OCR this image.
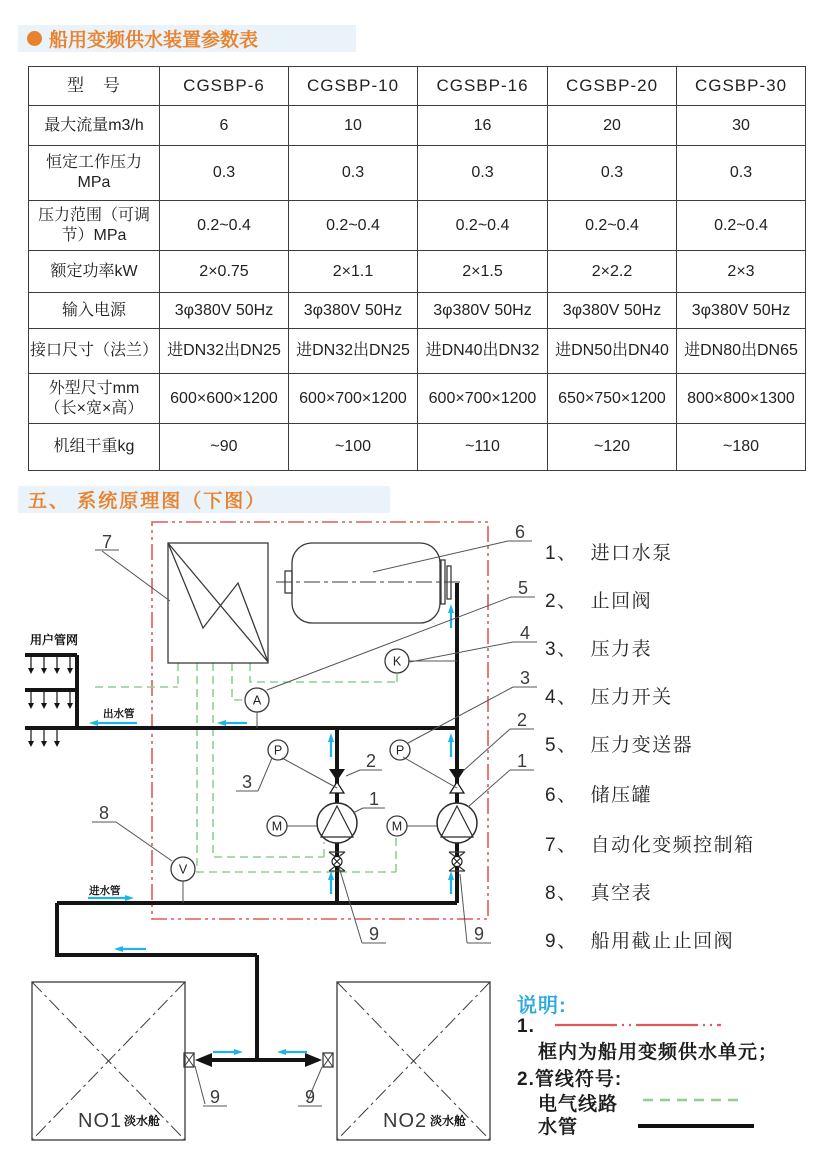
船用变频供水装置参数表
型　号	CGSBP-6	CGSBP-10	CGSBP-16	CGSBP-20	CGSBP-30
最大流量m3/h	6	10	16	20	30
恒定工作压力
MPa	0.3	0.3	0.3	0.3	0.3
压力范围（可调
节）MPa	0.2~0.4	0.2~0.4	0.2~0.4	0.2~0.4	0.2~0.4
额定功率kW	2×0.75	2×1.1	2×1.5	2×2.2	2×3
输入电源	3φ380V 50Hz	3φ380V 50Hz	3φ380V 50Hz	3φ380V 50Hz	3φ380V 50Hz
接口尺寸（法兰）	进DN32出DN25	进DN32出DN25	进DN40出DN32	进DN50出DN40	进DN80出DN65
外型尺寸mm
（长×宽×高）	600×600×1200	600×700×1200	600×700×1200	650×750×1200	800×800×1300
机组干重kg	~90	~100	~110	~120	~180
五、 系统原理图（下图）
K
A
P	P
M	M
V
NO1 淡水舱	NO2 淡水舱
7
3
2
1
9	9
8
9	9
6
5
4
3
2
1
用户管网
出水管
进水管
1、 进口水泵
2、 止回阀
3、 压力表
4、 压力开关
5、 压力变送器
6、 储压罐
7、 自动化变频控制箱
8、 真空表
9、 船用截止止回阀
说明:
1.
框内为船用变频供水单元；
2.管线符号:
电气线路
水管
